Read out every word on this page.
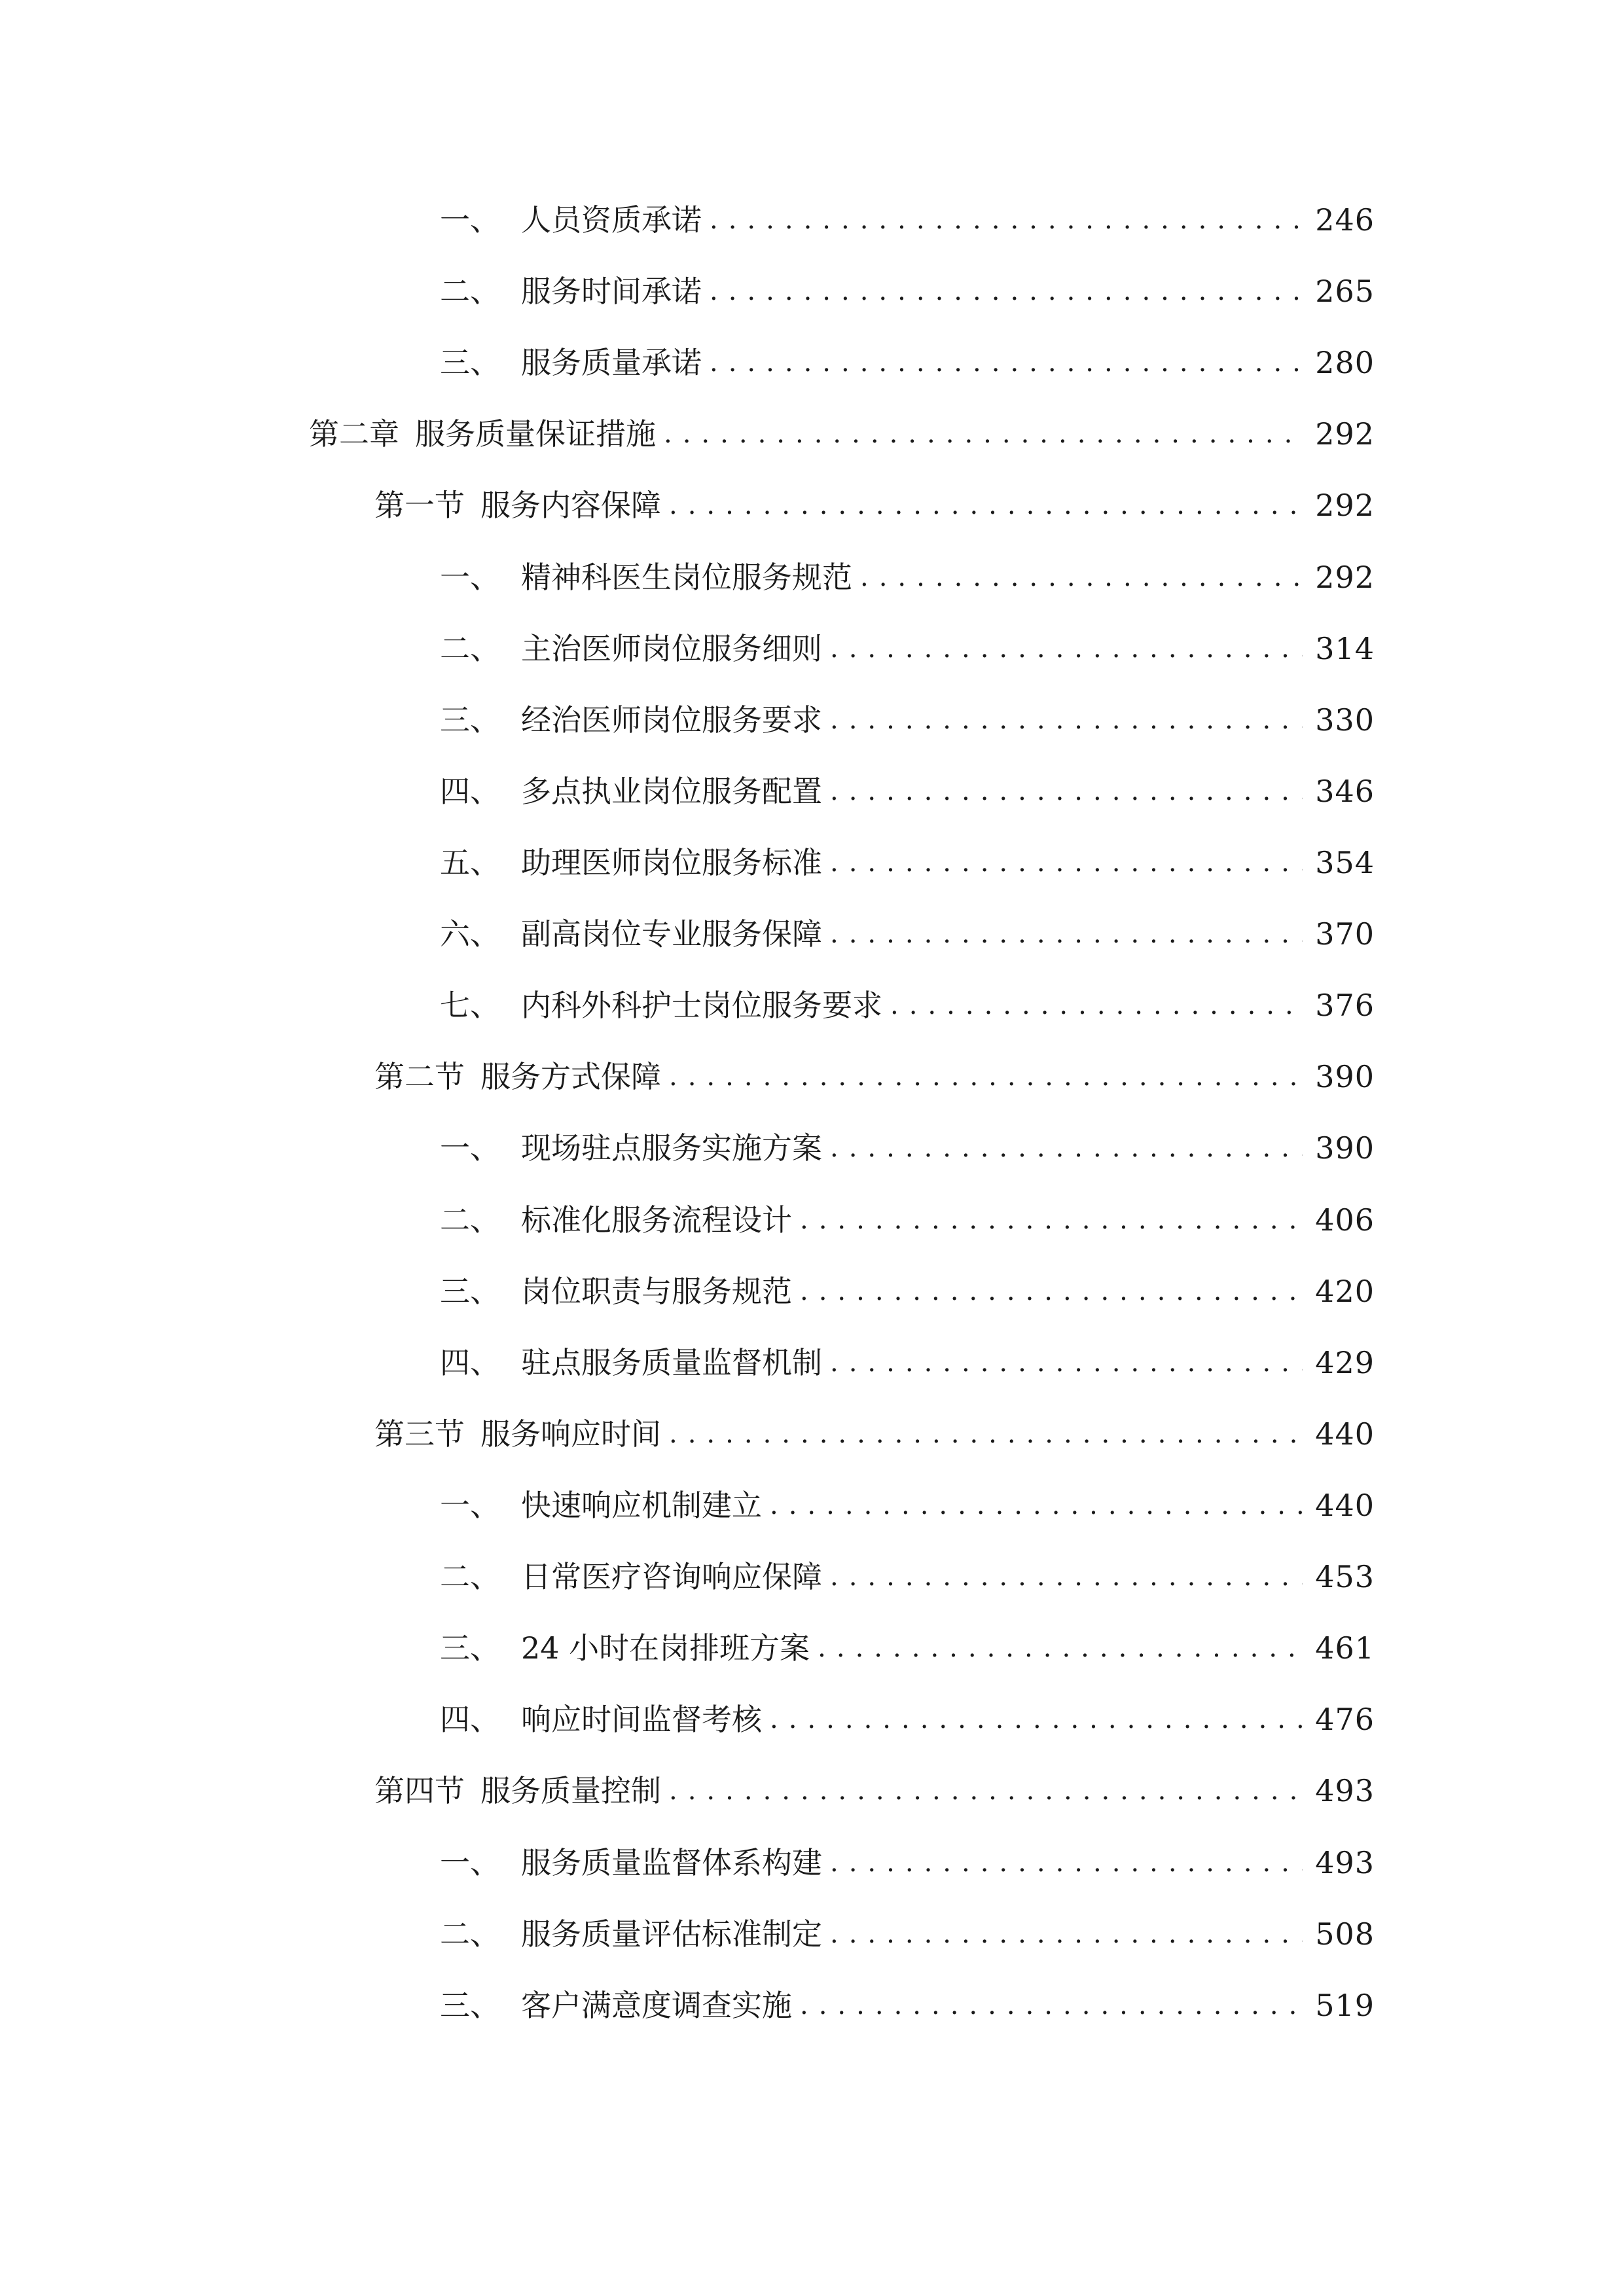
一、 人员资质承诺 .....	246
二、 服务时间承诺 .....	265
三、 服务质量承诺 .....	280
第二章 服务质量保证措施 .....	292
第一节 服务内容保障 .....	292
一、 精神科医生岗位服务规范 .....	292
二、 主治医师岗位服务细则 .....	314
三、 经治医师岗位服务要求 .....	330
四、 多点执业岗位服务配置 .....	346
五、 助理医师岗位服务标准 .....	354
六、 副高岗位专业服务保障 .....	370
七、 内科外科护士岗位服务要求 .....	376
第二节 服务方式保障 .....	390
一、 现场驻点服务实施方案 .....	390
二、 标准化服务流程设计 .....	406
三、 岗位职责与服务规范 .....	420
四、 驻点服务质量监督机制 .....	429
第三节 服务响应时间 .....	440
一、 快速响应机制建立 .....	440
二、 日常医疗咨询响应保障 .....	453
三、 24 小时在岗排班方案 .....	461
四、 响应时间监督考核 .....	476
第四节 服务质量控制 .....	493
一、 服务质量监督体系构建 .....	493
二、 服务质量评估标准制定 .....	508
三、 客户满意度调查实施 .....	519
